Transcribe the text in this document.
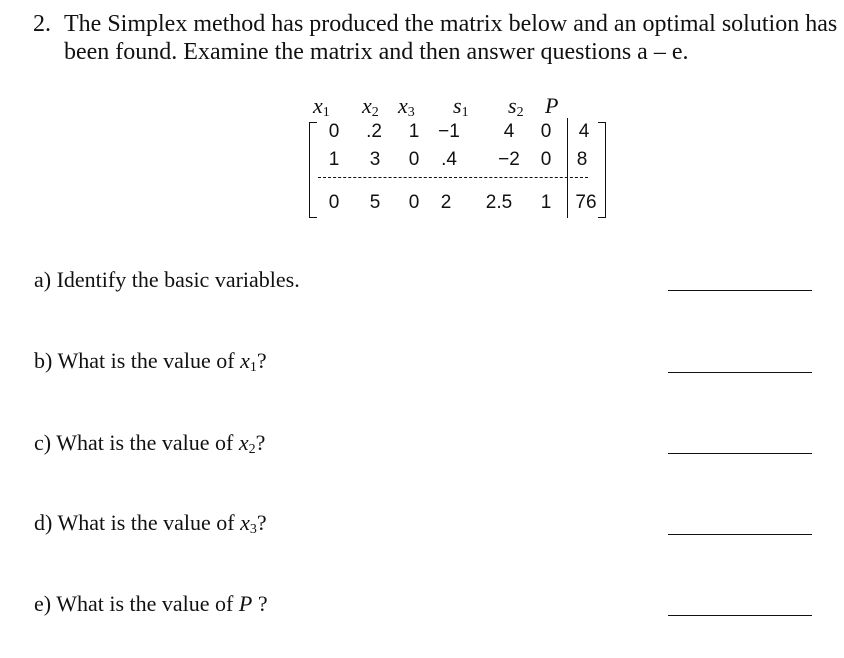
2. The Simplex method has produced the matrix below and an optimal solution has
been found. Examine the matrix and then answer questions a – e.
$x_1$ $x_2$ $x_3$ $s_1$ $s_2$ P
0 .2 1 −1 4 0 4
1 3 0 .4 −2 0 8
0 5 0 2 2.5 1 76
a) Identify the basic variables.
b) What is the value of $x_1$?
c) What is the value of $x_2$?
d) What is the value of $x_3$?
e) What is the value of P ?
